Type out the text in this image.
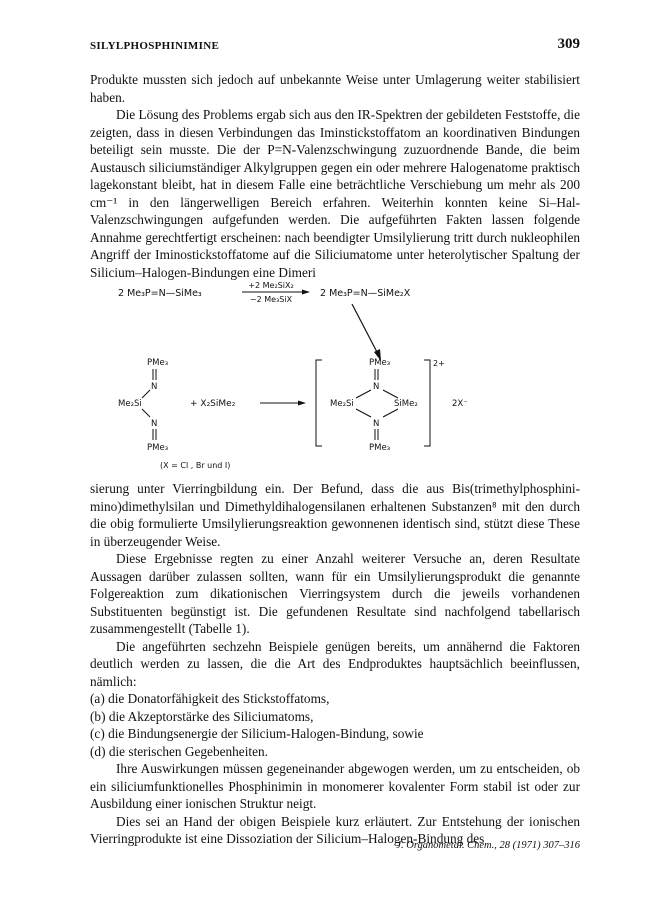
SILYLPHOSPHINIMINE	309

Produkte mussten sich jedoch auf unbekannte Weise unter Umlagerung weiter stabilisiert haben.

Die Lösung des Problems ergab sich aus den IR-Spektren der gebildeten Feststoffe, die zeigten, dass in diesen Verbindungen das Iminstickstoffatom an koordinativen Bindungen beteiligt sein musste. Die der P=N-Valenzschwingung zuzuordnende Bande, die beim Austausch siliciumständiger Alkylgruppen gegen ein oder mehrere Halogenatome praktisch lagekonstant bleibt, hat in diesem Falle eine beträchtliche Verschiebung um mehr als 200 cm⁻¹ in den längerwelligen Bereich erfahren. Weiterhin konnten keine Si–Hal-Valenzschwingungen aufgefunden werden. Die aufgeführten Fakten lassen folgende Annahme gerechtfertigt erscheinen: nach beendigter Umsilylierung tritt durch nukleophilen Angriff der Iminostickstoffatome auf die Siliciumatome unter heterolytischer Spaltung der Silicium–Halogen-Bindungen eine Dimeri

2 Me₃P=N—SiMe₃
+2 Me₂SiX₂
−2 Me₃SiX
2 Me₃P=N—SiMe₂X
PMe₃
N
Me₂Si
N
PMe₃
+ X₂SiMe₂
2+
PMe₃
N
Me₂Si	SiMe₂
N
PMe₃
2X⁻
(X = Cl , Br und I)

sierung unter Vierringbildung ein. Der Befund, dass die aus Bis(trimethylphosphinimino)dimethylsilan und Dimethyldihalogensilanen erhaltenen Substanzen⁸ mit den durch die obig formulierte Umsilylierungsreaktion gewonnenen identisch sind, stützt diese These in überzeugender Weise.

Diese Ergebnisse regten zu einer Anzahl weiterer Versuche an, deren Resultate Aussagen darüber zulassen sollten, wann für ein Umsilylierungsprodukt die genannte Folgereaktion zum dikationischen Vierringsystem durch die jeweils vorhandenen Substituenten begünstigt ist. Die gefundenen Resultate sind nachfolgend tabellarisch zusammengestellt (Tabelle 1).

Die angeführten sechzehn Beispiele genügen bereits, um annähernd die Faktoren deutlich werden zu lassen, die die Art des Endproduktes hauptsächlich beeinflussen, nämlich:

(a) die Donatorfähigkeit des Stickstoffatoms,
(b) die Akzeptorstärke des Siliciumatoms,
(c) die Bindungsenergie der Silicium-Halogen-Bindung, sowie
(d) die sterischen Gegebenheiten.

Ihre Auswirkungen müssen gegeneinander abgewogen werden, um zu entscheiden, ob ein siliciumfunktionelles Phosphinimin in monomerer kovalenter Form stabil ist oder zur Ausbildung einer ionischen Struktur neigt.

Dies sei an Hand der obigen Beispiele kurz erläutert. Zur Entstehung der ionischen Vierringprodukte ist eine Dissoziation der Silicium–Halogen-Bindung des

J. Organometal. Chem., 28 (1971) 307–316
